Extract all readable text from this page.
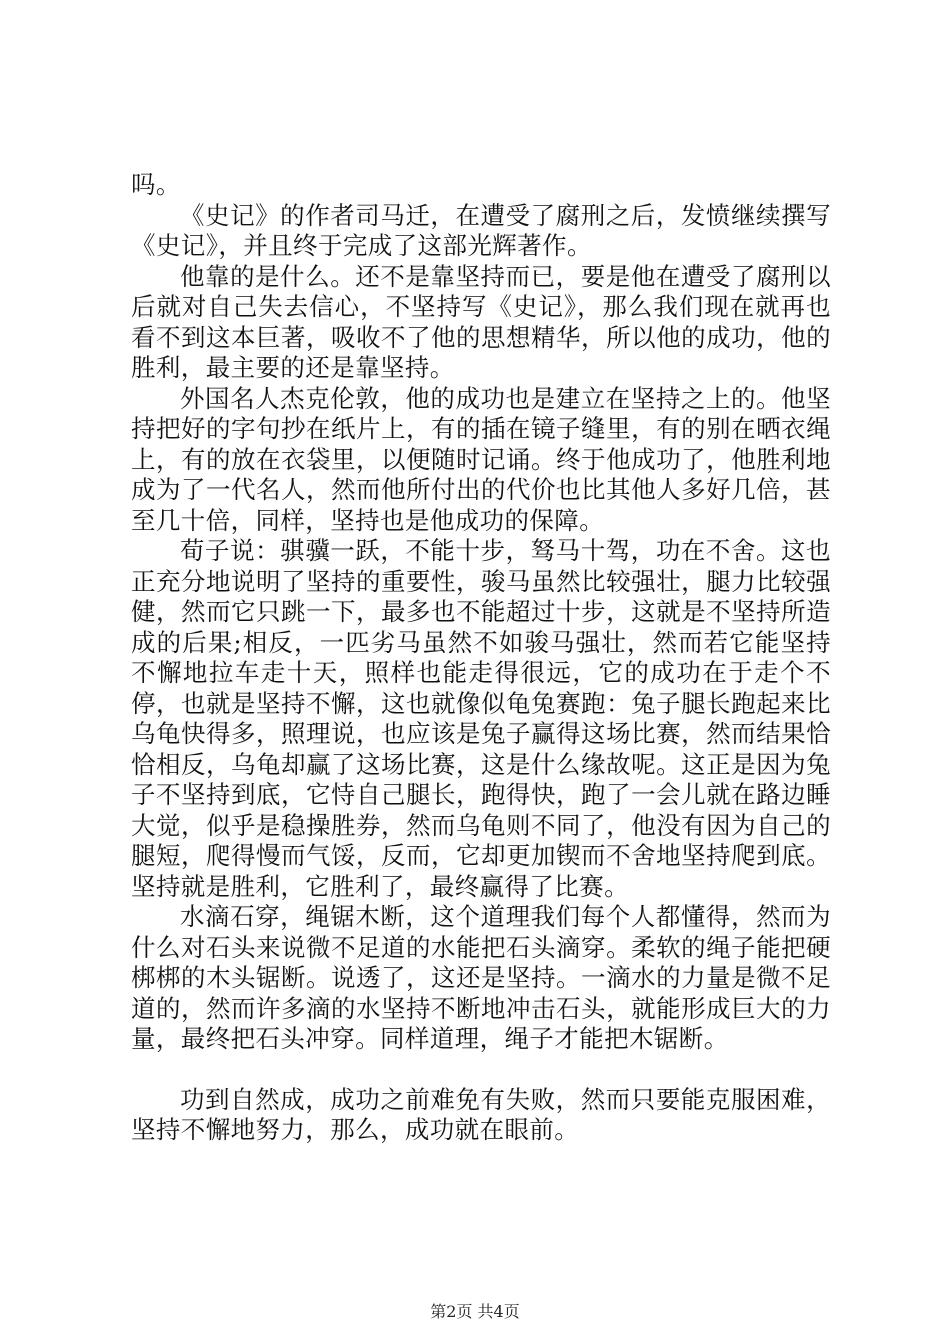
吗。

《史记》的作者司马迁，在遭受了腐刑之后，发愤继续撰写《史记》，并且终于完成了这部光辉著作。

他靠的是什么。还不是靠坚持而已，要是他在遭受了腐刑以后就对自己失去信心，不坚持写《史记》，那么我们现在就再也看不到这本巨著，吸收不了他的思想精华，所以他的成功，他的胜利，最主要的还是靠坚持。

外国名人杰克伦敦，他的成功也是建立在坚持之上的。他坚持把好的字句抄在纸片上，有的插在镜子缝里，有的别在晒衣绳上，有的放在衣袋里，以便随时记诵。终于他成功了，他胜利地成为了一代名人，然而他所付出的代价也比其他人多好几倍，甚至几十倍，同样，坚持也是他成功的保障。

荀子说：骐骥一跃，不能十步，驽马十驾，功在不舍。这也正充分地说明了坚持的重要性，骏马虽然比较强壮，腿力比较强健，然而它只跳一下，最多也不能超过十步，这就是不坚持所造成的后果;相反，一匹劣马虽然不如骏马强壮，然而若它能坚持不懈地拉车走十天，照样也能走得很远，它的成功在于走个不停，也就是坚持不懈，这也就像似龟兔赛跑：兔子腿长跑起来比乌龟快得多，照理说，也应该是兔子赢得这场比赛，然而结果恰恰相反，乌龟却赢了这场比赛，这是什么缘故呢。这正是因为兔子不坚持到底，它恃自己腿长，跑得快，跑了一会儿就在路边睡大觉，似乎是稳操胜券，然而乌龟则不同了，他没有因为自己的腿短，爬得慢而气馁，反而，它却更加锲而不舍地坚持爬到底。坚持就是胜利，它胜利了，最终赢得了比赛。

水滴石穿，绳锯木断，这个道理我们每个人都懂得，然而为什么对石头来说微不足道的水能把石头滴穿。柔软的绳子能把硬梆梆的木头锯断。说透了，这还是坚持。一滴水的力量是微不足道的，然而许多滴的水坚持不断地冲击石头，就能形成巨大的力量，最终把石头冲穿。同样道理，绳子才能把木锯断。

功到自然成，成功之前难免有失败，然而只要能克服困难，坚持不懈地努力，那么，成功就在眼前。

第2页 共4页
